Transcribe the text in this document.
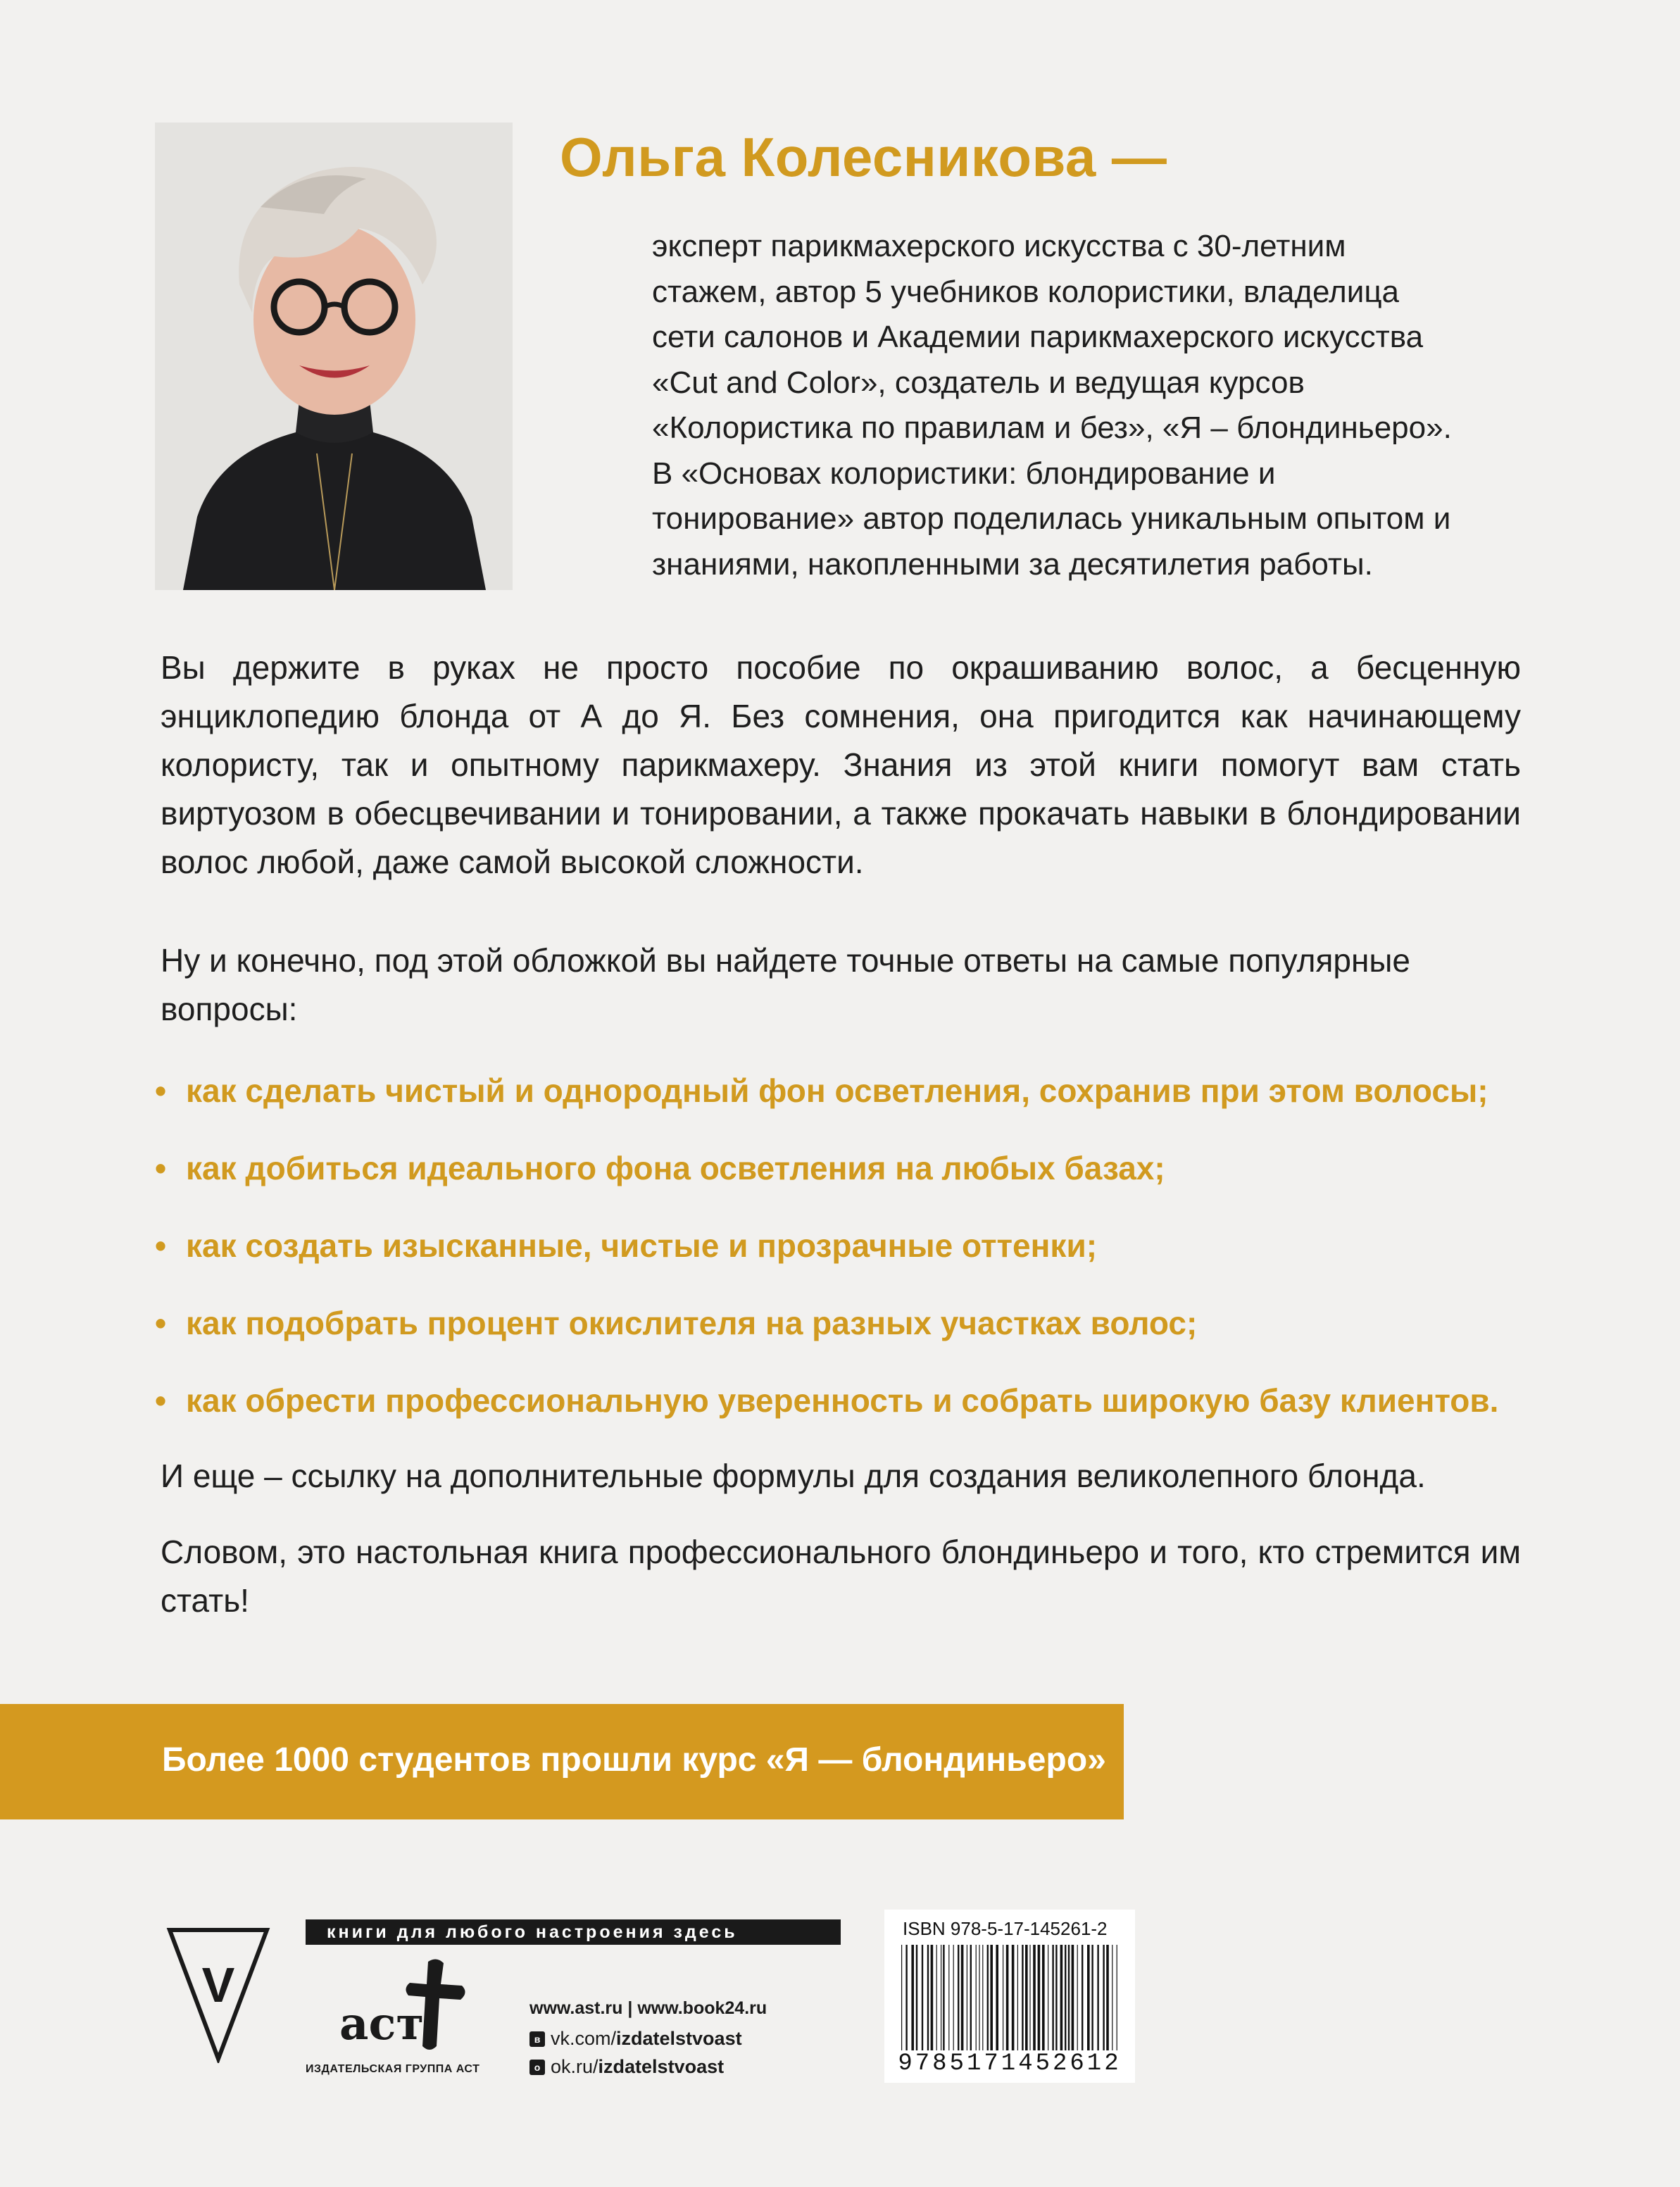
Ольга Колесникова —

эксперт парикмахерского искусства с 30-летним стажем, автор 5 учебников колористики, владелица сети салонов и Академии парикмахерского искусства «Cut and Color», создатель и ведущая курсов «Колористика по правилам и без», «Я – блондиньеро». В «Основах колористики: блондирование и тонирование» автор поделилась уникальным опытом и знаниями, накопленными за десятилетия работы.

Вы держите в руках не просто пособие по окрашиванию волос, а бесценную энциклопедию блонда от А до Я. Без сомнения, она пригодится как начинающему колористу, так и опытному парикмахеру. Знания из этой книги помогут вам стать виртуозом в обесцвечивании и тонировании, а также прокачать навыки в блондировании волос любой, даже самой высокой сложности.

Ну и конечно, под этой обложкой вы найдете точные ответы на самые популярные вопросы:

• как сделать чистый и однородный фон осветления, сохранив при этом волосы;
• как добиться идеального фона осветления на любых базах;
• как создать изысканные, чистые и прозрачные оттенки;
• как подобрать процент окислителя на разных участках волос;
• как обрести профессиональную уверенность и собрать широкую базу клиентов.

И еще – ссылку на дополнительные формулы для создания великолепного блонда.

Словом, это настольная книга профессионального блондиньеро и того, кто стремится им стать!

Более 1000 студентов прошли курс «Я — блондиньеро»
V
книги для любого настроения здесь
аст
ИЗДАТЕЛЬСКАЯ ГРУППА АСТ
www.ast.ru | www.book24.ru
в vk.com/ izdatelstvoast
о ok.ru/ izdatelstvoast
ISBN 978-5-17-145261-2
9785171452612
